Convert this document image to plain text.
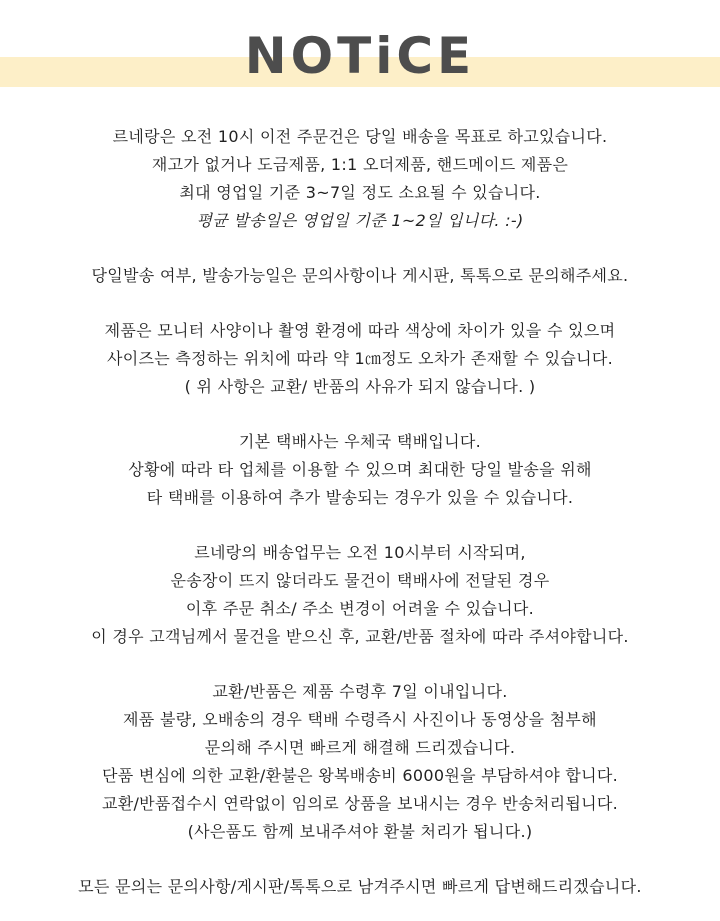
NOTiCE
르네랑은 오전 10시 이전 주문건은 당일 배송을 목표로 하고있습니다.
재고가 없거나 도금제품, 1:1 오더제품, 핸드메이드 제품은
최대 영업일 기준 3~7일 정도 소요될 수 있습니다.
평균 발송일은 영업일 기준 1~2일 입니다. :-)
당일발송 여부, 발송가능일은 문의사항이나 게시판, 톡톡으로 문의해주세요.
제품은 모니터 사양이나 촬영 환경에 따라 색상에 차이가 있을 수 있으며
사이즈는 측정하는 위치에 따라 약 1㎝정도 오차가 존재할 수 있습니다.
( 위 사항은 교환/ 반품의 사유가 되지 않습니다. )
기본 택배사는 우체국 택배입니다.
상황에 따라 타 업체를 이용할 수 있으며 최대한 당일 발송을 위해
타 택배를 이용하여 추가 발송되는 경우가 있을 수 있습니다.
르네랑의 배송업무는 오전 10시부터 시작되며,
운송장이 뜨지 않더라도 물건이 택배사에 전달된 경우
이후 주문 취소/ 주소 변경이 어려울 수 있습니다.
이 경우 고객님께서 물건을 받으신 후, 교환/반품 절차에 따라 주셔야합니다.
교환/반품은 제품 수령후 7일 이내입니다.
제품 불량, 오배송의 경우 택배 수령즉시 사진이나 동영상을 첨부해
문의해 주시면 빠르게 해결해 드리겠습니다.
단품 변심에 의한 교환/환불은 왕복배송비 6000원을 부담하셔야 합니다.
교환/반품접수시 연락없이 임의로 상품을 보내시는 경우 반송처리됩니다.
(사은품도 함께 보내주셔야 환불 처리가 됩니다.)
모든 문의는 문의사항/게시판/톡톡으로 남겨주시면 빠르게 답변해드리겠습니다.
